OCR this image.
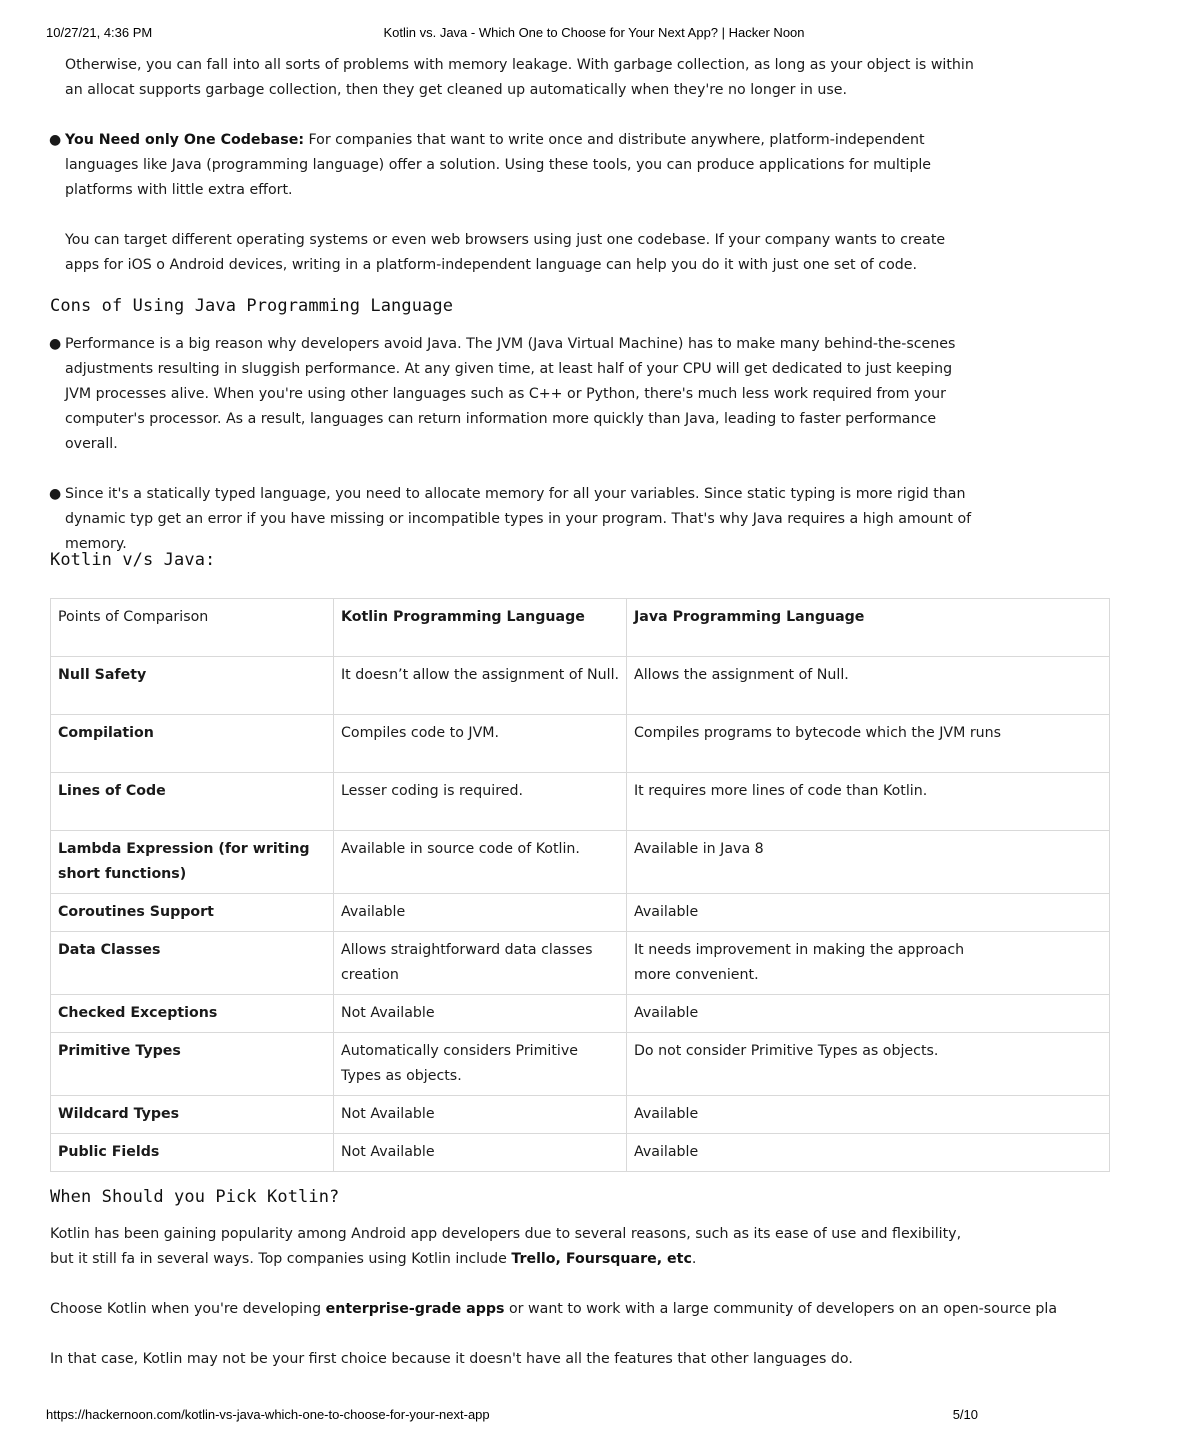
10/27/21, 4:36 PM	Kotlin vs. Java - Which One to Choose for Your Next App? | Hacker Noon

Otherwise, you can fall into all sorts of problems with memory leakage. With garbage collection, as long as your object is within an allocat supports garbage collection, then they get cleaned up automatically when they're no longer in use.

● You Need only One Codebase: For companies that want to write once and distribute anywhere, platform-independent languages like Java (programming language) offer a solution. Using these tools, you can produce applications for multiple platforms with little extra effort.

You can target different operating systems or even web browsers using just one codebase. If your company wants to create apps for iOS o Android devices, writing in a platform-independent language can help you do it with just one set of code.

Cons of Using Java Programming Language
● Performance is a big reason why developers avoid Java. The JVM (Java Virtual Machine) has to make many behind-the-scenes adjustments resulting in sluggish performance. At any given time, at least half of your CPU will get dedicated to just keeping JVM processes alive. When you're using other languages such as C++ or Python, there's much less work required from your computer's processor. As a result, languages can return information more quickly than Java, leading to faster performance overall.

● Since it's a statically typed language, you need to allocate memory for all your variables. Since static typing is more rigid than dynamic typ get an error if you have missing or incompatible types in your program. That's why Java requires a high amount of memory.

Kotlin v/s Java:
Points of Comparison	Kotlin Programming Language	Java Programming Language
Null Safety	It doesn’t allow the assignment of Null.	Allows the assignment of Null.
Compilation	Compiles code to JVM.	Compiles programs to bytecode which the JVM runs
Lines of Code	Lesser coding is required.	It requires more lines of code than Kotlin.
Lambda Expression (for writing short functions)	Available in source code of Kotlin.	Available in Java 8
Coroutines Support	Available	Available
Data Classes	Allows straightforward data classes creation	It needs improvement in making the approach more convenient.
Checked Exceptions	Not Available	Available
Primitive Types	Automatically considers Primitive Types as objects.	Do not consider Primitive Types as objects.
Wildcard Types	Not Available	Available
Public Fields	Not Available	Available
When Should you Pick Kotlin?

Kotlin has been gaining popularity among Android app developers due to several reasons, such as its ease of use and flexibility, but it still fa in several ways. Top companies using Kotlin include Trello, Foursquare, etc.

Choose Kotlin when you're developing enterprise-grade apps or want to work with a large community of developers on an open-source pla

In that case, Kotlin may not be your first choice because it doesn't have all the features that other languages do.

https://hackernoon.com/kotlin-vs-java-which-one-to-choose-for-your-next-app	5/10
